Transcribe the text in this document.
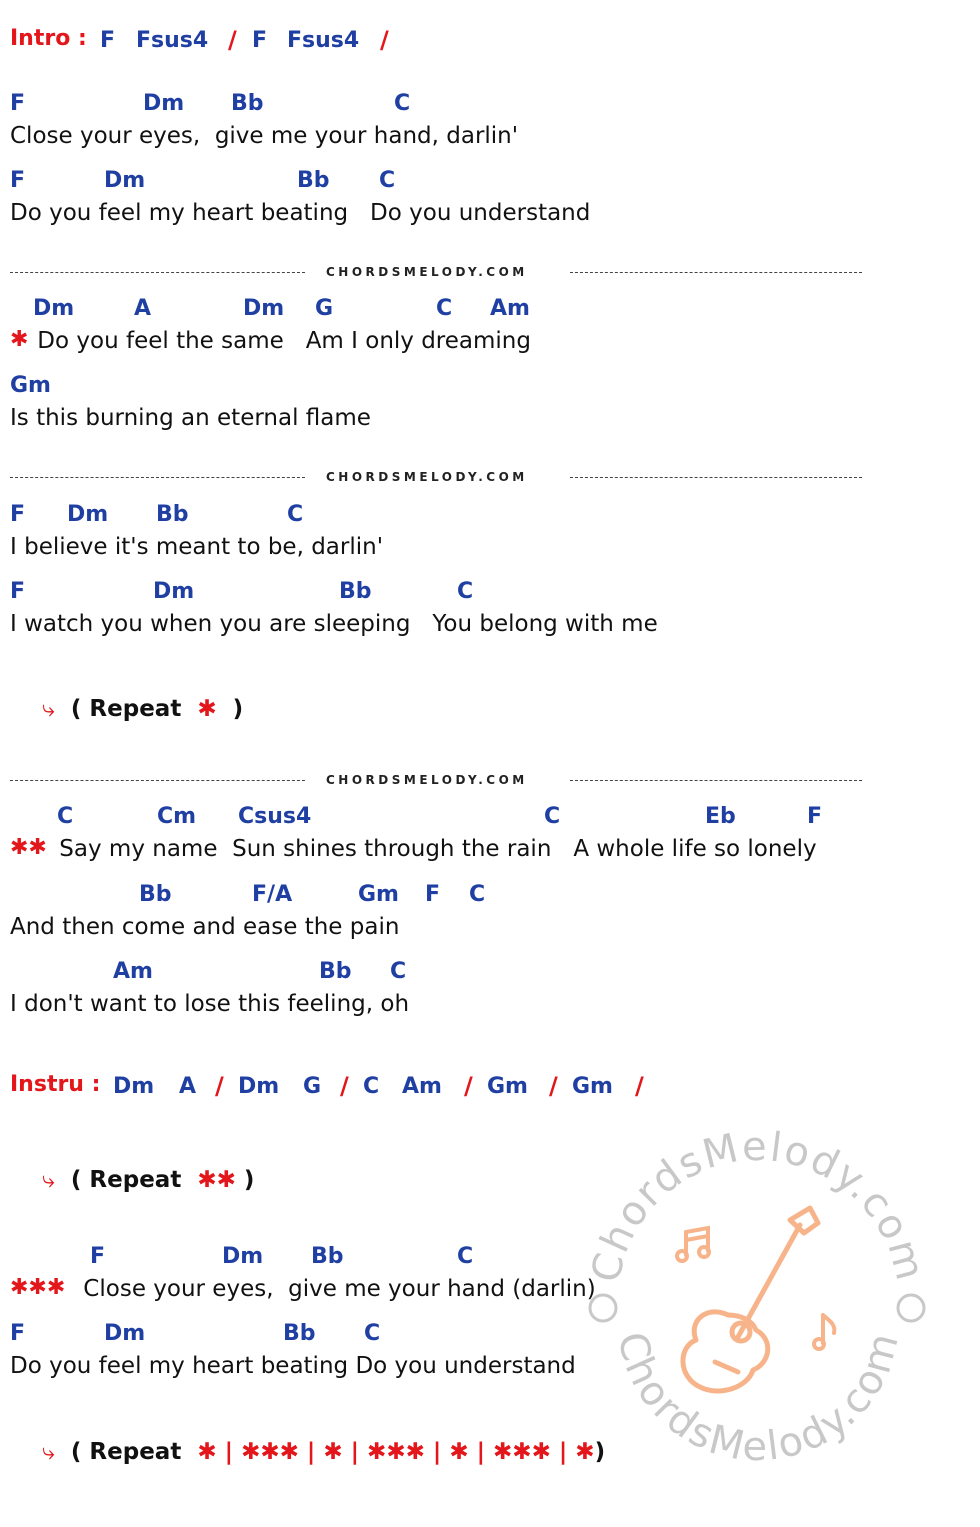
Intro : F Fsus4 / F Fsus4 /
F	Dm Bb	C
Close your eyes,  give me your hand, darlin'
F	Dm	Bb C
Do you feel my heart beating   Do you understand
CHORDSMELODY.COM
Dm	A	Dm G	C Am
✱ Do you feel the same   Am I only dreaming
Gm
Is this burning an eternal flame
CHORDSMELODY.COM
F Dm Bb	C
I believe it's meant to be, darlin'
F	Dm	Bb	C
I watch you when you are sleeping   You belong with me
⤷ ( Repeat ✱ )
CHORDSMELODY.COM
C	Cm Csus4	C	Eb	F
✱✱ Say my name  Sun shines through the rain   A whole life so lonely
Bb	F/A	Gm F C
And then come and ease the pain
Am	Bb C
I don't want to lose this feeling, oh
Instru : Dm A / Dm G / C Am / Gm / Gm /
ChordsMelody.com
ChordsMelody.com
⤷ ( Repeat ✱✱ )
F	Dm Bb	C
✱✱✱ Close your eyes,  give me your hand (darlin)
F	Dm	Bb C
Do you feel my heart beating Do you understand
⤷ ( Repeat ✱ | ✱✱✱ | ✱ | ✱✱✱ | ✱ | ✱✱✱ | ✱)
